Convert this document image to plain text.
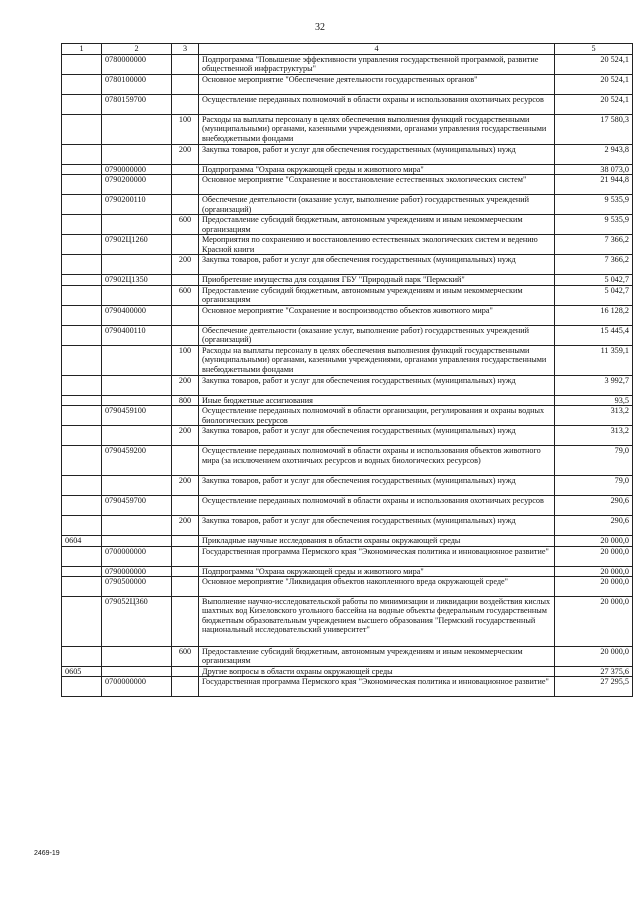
32
1	2	3	4	5
	0780000000		Подпрограмма "Повышение эффективности управления государственной программой, развитие общественной инфраструктуры"	20 524,1
	0780100000		Основное мероприятие "Обеспечение деятельности государственных органов"	20 524,1
	0780159700		Осуществление переданных полномочий в области охраны и использования охотничьих ресурсов	20 524,1
		100	Расходы на выплаты персоналу в целях обеспечения выполнения функций государственными (муниципальными) органами, казенными учреждениями, органами управления государственными внебюджетными фондами	17 580,3
		200	Закупка товаров, работ и услуг для обеспечения государственных (муниципальных) нужд	2 943,8
	0790000000		Подпрограмма "Охрана окружающей среды и животного мира"	38 073,0
	0790200000		Основное мероприятие "Сохранение и восстановление естественных экологических систем"	21 944,8
	0790200110		Обеспечение деятельности (оказание услуг, выполнение работ) государственных учреждений (организаций)	9 535,9
		600	Предоставление субсидий бюджетным, автономным учреждениям и иным некоммерческим организациям	9 535,9
	07902Ц1260		Мероприятия по сохранению и восстановлению естественных экологических систем и ведению Красной книги	7 366,2
		200	Закупка товаров, работ и услуг для обеспечения государственных (муниципальных) нужд	7 366,2
	07902Ц1350		Приобретение имущества для создания ГБУ "Природный парк "Пермский"	5 042,7
		600	Предоставление субсидий бюджетным, автономным учреждениям и иным некоммерческим организациям	5 042,7
	0790400000		Основное мероприятие "Сохранение и воспроизводство объектов животного мира"	16 128,2
	0790400110		Обеспечение деятельности (оказание услуг, выполнение работ) государственных учреждений (организаций)	15 445,4
		100	Расходы на выплаты персоналу в целях обеспечения выполнения функций государственными (муниципальными) органами, казенными учреждениями, органами управления государственными внебюджетными фондами	11 359,1
		200	Закупка товаров, работ и услуг для обеспечения государственных (муниципальных) нужд	3 992,7
		800	Иные бюджетные ассигнования	93,5
	0790459100		Осуществление переданных полномочий в области организации, регулирования и охраны водных биологических ресурсов	313,2
		200	Закупка товаров, работ и услуг для обеспечения государственных (муниципальных) нужд	313,2
	0790459200		Осуществление переданных полномочий в области охраны и использования объектов животного мира (за исключением охотничьих ресурсов и водных биологических ресурсов)	79,0
		200	Закупка товаров, работ и услуг для обеспечения государственных (муниципальных) нужд	79,0
	0790459700		Осуществление переданных полномочий в области охраны и использования охотничьих ресурсов	290,6
		200	Закупка товаров, работ и услуг для обеспечения государственных (муниципальных) нужд	290,6
0604			Прикладные научные исследования в области охраны окружающей среды	20 000,0
	0700000000		Государственная программа Пермского края "Экономическая политика и инновационное развитие"	20 000,0
	0790000000		Подпрограмма "Охрана окружающей среды и животного мира"	20 000,0
	0790500000		Основное мероприятие "Ликвидация объектов накопленного вреда окружающей среде"	20 000,0
	079052Ц360		Выполнение научно-исследовательской работы по минимизации и ликвидации воздействия кислых шахтных вод Кизеловского угольного бассейна на водные объекты федеральным государственным бюджетным образовательным учреждением высшего образования "Пермский государственный национальный исследовательский университет"	20 000,0
		600	Предоставление субсидий бюджетным, автономным учреждениям и иным некоммерческим организациям	20 000,0
0605			Другие вопросы в области охраны окружающей среды	27 375,6
	0700000000		Государственная программа Пермского края "Экономическая политика и инновационное развитие"	27 295,5
2469-19
